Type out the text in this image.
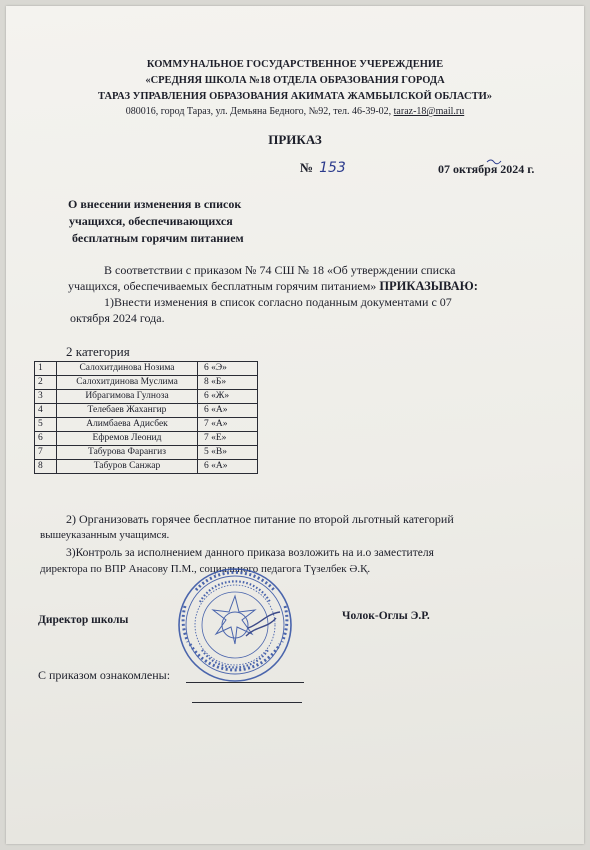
КОММУНАЛЬНОЕ ГОСУДАРСТВЕННОЕ УЧЕРЕЖДЕНИЕ
«СРЕДНЯЯ ШКОЛА №18 ОТДЕЛА ОБРАЗОВАНИЯ ГОРОДА
ТАРАЗ УПРАВЛЕНИЯ ОБРАЗОВАНИЯ АКИМАТА ЖАМБЫЛСКОЙ ОБЛАСТИ»
080016, город Тараз, ул. Демьяна Бедного, №92, тел. 46-39-02, taraz-18@mail.ru
ПРИКАЗ
№ 153	07 октября 2024 г.
О внесении изменения в список
учащихся, обеспечивающихся
бесплатным горячим питанием
В соответствии с приказом № 74 СШ № 18 «Об утверждении списка
учащихся, обеспечиваемых бесплатным горячим питанием» ПРИКАЗЫВАЮ:
1)Внести изменения в список согласно поданным документами с 07
октября 2024 года.
2 категория
1	Салохитдинова Нозима	6 «Э»
2	Салохитдинова Муслима	8 «Б»
3	Ибрагимова Гулноза	6 «Ж»
4	Телебаев Жахангир	6 «А»
5	Алимбаева Адисбек	7 «А»
6	Ефремов Леонид	7 «Е»
7	Табурова Фарангиз	5 «В»
8	Табуров Санжар	6 «А»
2) Организовать горячее бесплатное питание по второй льготный категорий
вышеуказанным учащимся.
3)Контроль за исполнением данного приказа возложить на и.о заместителя
директора по ВПР Анасову П.М., социального педагога Түзелбек Ә.Қ.
Директор школы	Чолок-Оглы Э.Р.
С приказом ознакомлены:
